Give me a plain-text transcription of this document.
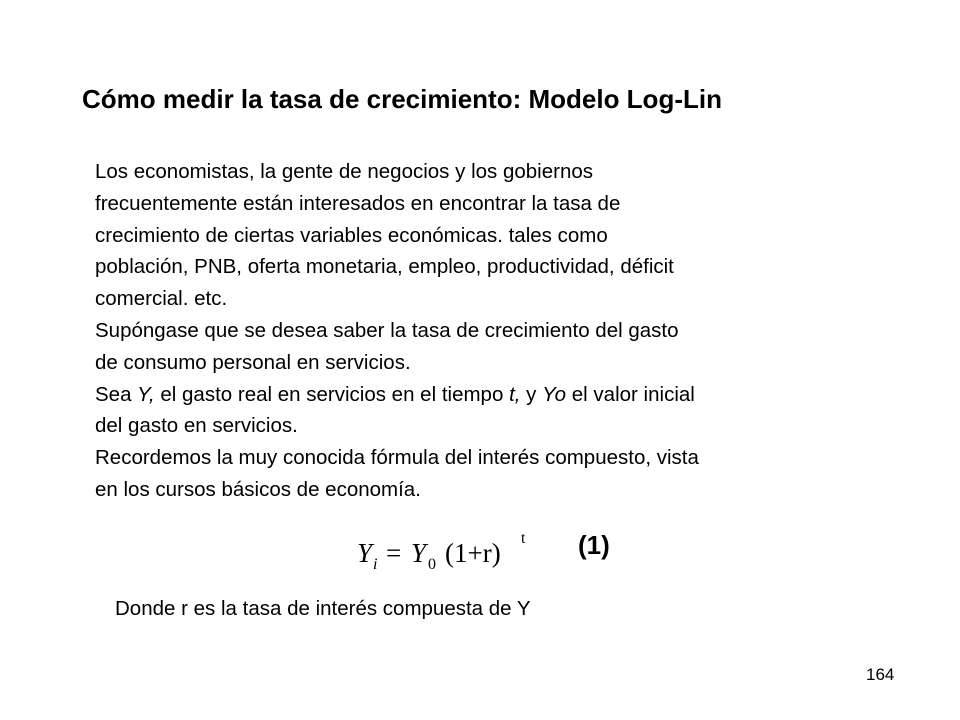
Cómo medir la tasa de crecimiento: Modelo Log-Lin
Los economistas, la gente de negocios y los gobiernos
frecuentemente están interesados en encontrar la tasa de
crecimiento de ciertas variables económicas. tales como
población, PNB, oferta monetaria, empleo, productividad, déficit
comercial. etc.
Supóngase que se desea saber la tasa de crecimiento del gasto
de consumo personal en servicios.
Sea Y, el gasto real en servicios en el tiempo t, y Yo el valor inicial
del gasto en servicios.
Recordemos la muy conocida fórmula del interés compuesto, vista
en los cursos básicos de economía.
Y i = Y 0 (1+r) t (1)
Donde r es la tasa de interés compuesta de Y
164
